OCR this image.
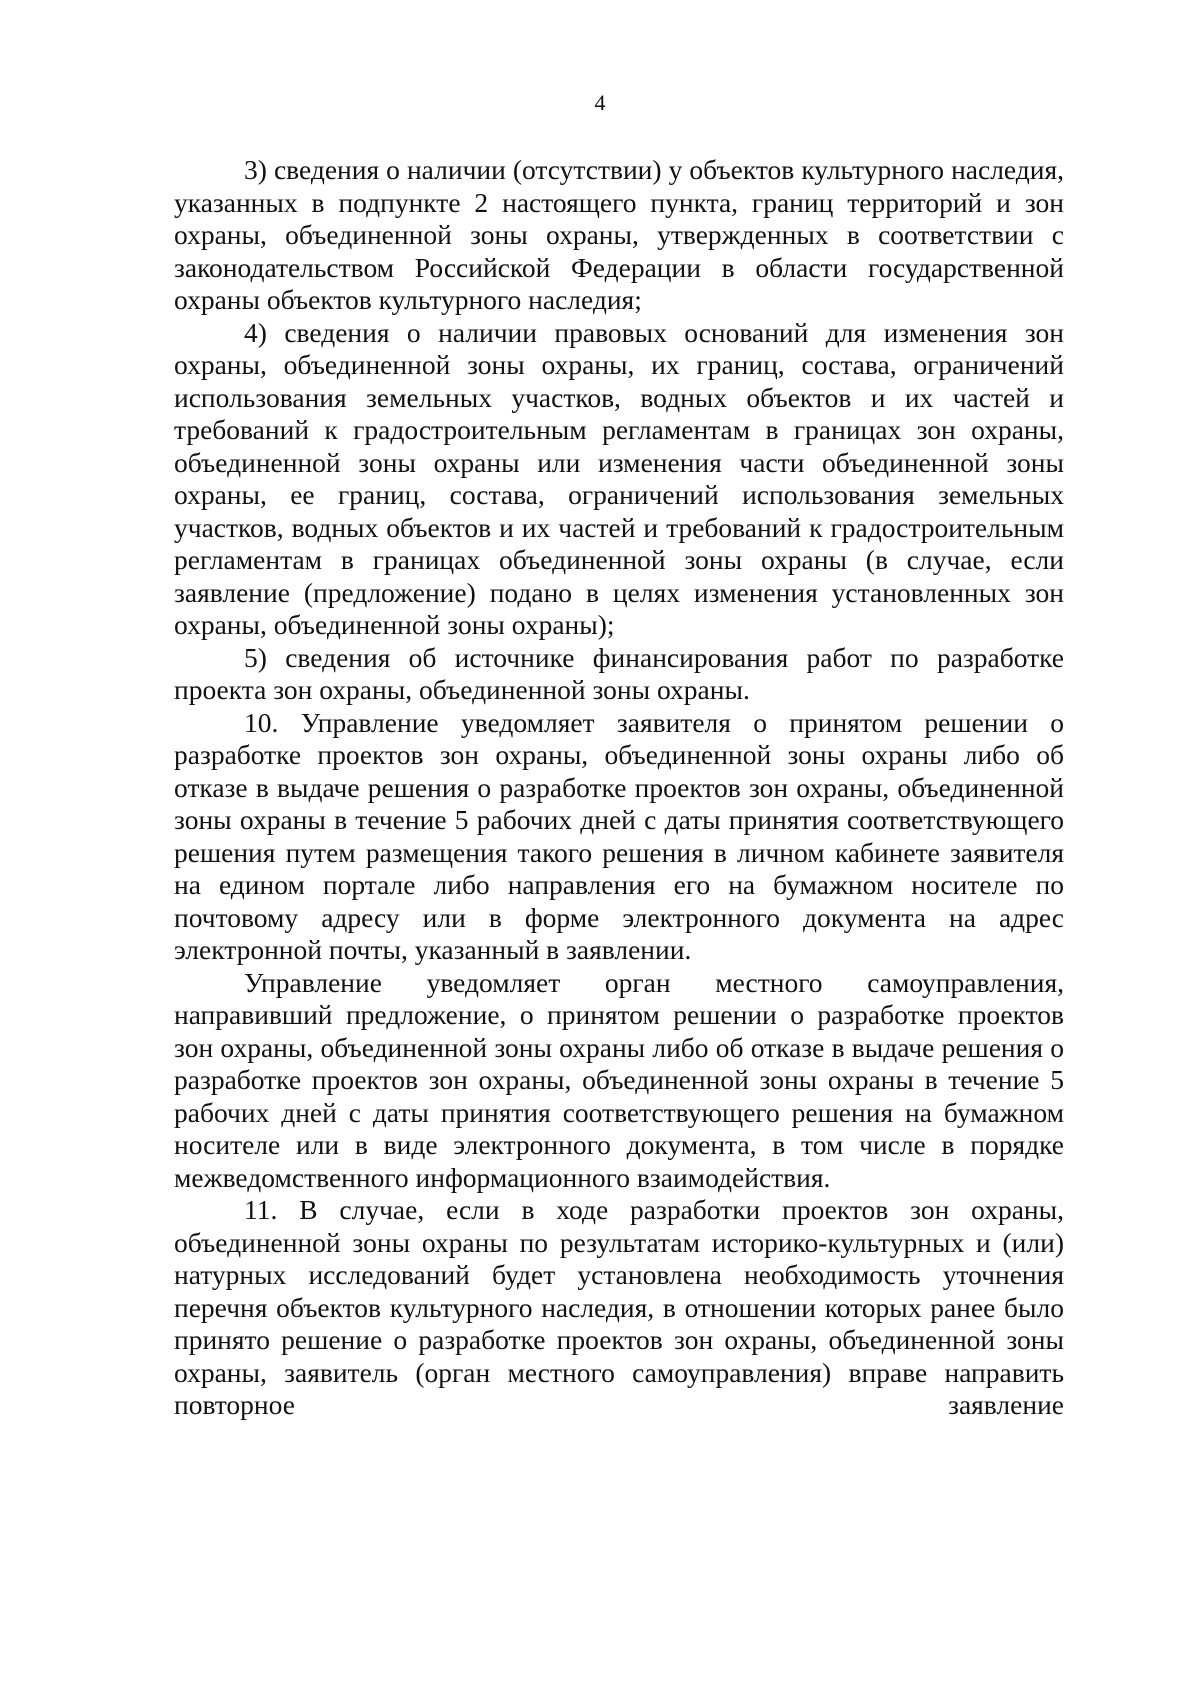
4

3) сведения о наличии (отсутствии) у объектов культурного наследия, указанных в подпункте 2 настоящего пункта, границ территорий и зон охраны, объединенной зоны охраны, утвержденных в соответствии с законодательством Российской Федерации в области государственной охраны объектов культурного наследия;

4) сведения о наличии правовых оснований для изменения зон охраны, объединенной зоны охраны, их границ, состава, ограничений использования земельных участков, водных объектов и их частей и требований к градостроительным регламентам в границах зон охраны, объединенной зоны охраны или изменения части объединенной зоны охраны, ее границ, состава, ограничений использования земельных участков, водных объектов и их частей и требований к градостроительным регламентам в границах объединенной зоны охраны (в случае, если заявление (предложение) подано в целях изменения установленных зон охраны, объединенной зоны охраны);

5) сведения об источнике финансирования работ по разработке проекта зон охраны, объединенной зоны охраны.

10. Управление уведомляет заявителя о принятом решении о разработке проектов зон охраны, объединенной зоны охраны либо об отказе в выдаче решения о разработке проектов зон охраны, объединенной зоны охраны в течение 5 рабочих дней с даты принятия соответствующего решения путем размещения такого решения в личном кабинете заявителя на едином портале либо направления его на бумажном носителе по почтовому адресу или в форме электронного документа на адрес электронной почты, указанный в заявлении.

Управление уведомляет орган местного самоуправления, направивший предложение, о принятом решении о разработке проектов зон охраны, объединенной зоны охраны либо об отказе в выдаче решения о разработке проектов зон охраны, объединенной зоны охраны в течение 5 рабочих дней с даты принятия соответствующего решения на бумажном носителе или в виде электронного документа, в том числе в порядке межведомственного информационного взаимодействия.

11. В случае, если в ходе разработки проектов зон охраны, объединенной зоны охраны по результатам историко-культурных и (или) натурных исследований будет установлена необходимость уточнения перечня объектов культурного наследия, в отношении которых ранее было принято решение о разработке проектов зон охраны, объединенной зоны охраны, заявитель (орган местного самоуправления) вправе направить повторное заявление
